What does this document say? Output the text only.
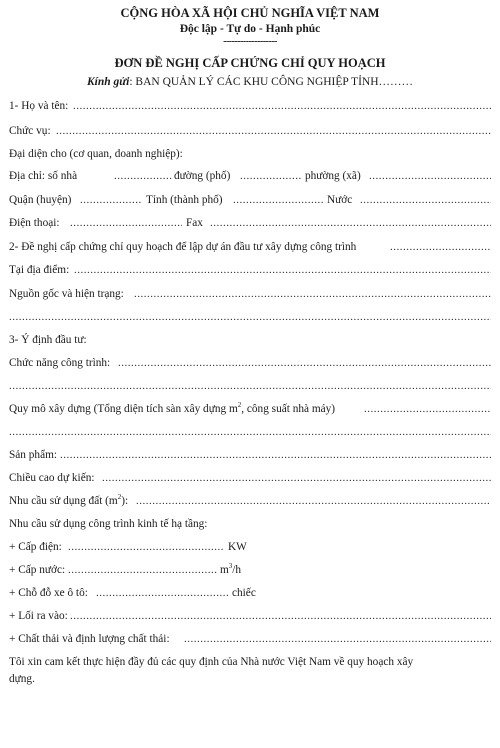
CỘNG HÒA XÃ HỘI CHỦ NGHĨA VIỆT NAM
Độc lập - Tự do - Hạnh phúc
-------------------
ĐƠN ĐỀ NGHỊ CẤP CHỨNG CHỈ QUY HOẠCH
Kính gửi: BAN QUẢN LÝ CÁC KHU CÔNG NGHIỆP TỈNH………
1- Họ và tên:
.....
Chức vụ:
.....
Đại diện cho (cơ quan, doanh nghiệp):
Địa chỉ: số nhà .....	đường (phố) .....	phường (xã)
.....
Quận (huyện) .....	Tỉnh (thành phố) .....	Nước
.....
Điện thoại: .....	Fax
.....
2- Đề nghị cấp chứng chỉ quy hoạch để lập dự án đầu tư xây dựng công trình
.....
Tại địa điểm:
.....
Nguồn gốc và hiện trạng:
.....
.....
3- Ý định đầu tư:
Chức năng công trình:
.....
.....
Quy mô xây dựng (Tổng diện tích sàn xây dựng $m^2$, công suất nhà máy)
.....
.....
Sản phẩm:
.....
Chiều cao dự kiến:
.....
Nhu cầu sử dụng đất $(m^2)$:
.....
Nhu cầu sử dụng công trình kinh tế hạ tầng:
+ Cấp điện: .....	KW
+ Cấp nước: .....	$m^3/h$
+ Chỗ đỗ xe ô tô: .....	chiếc
+ Lối ra vào:
.....
+ Chất thải và định lượng chất thải:
.....
Tôi xin cam kết thực hiện đầy đủ các quy định của Nhà nước Việt Nam về quy hoạch xây
dựng.
